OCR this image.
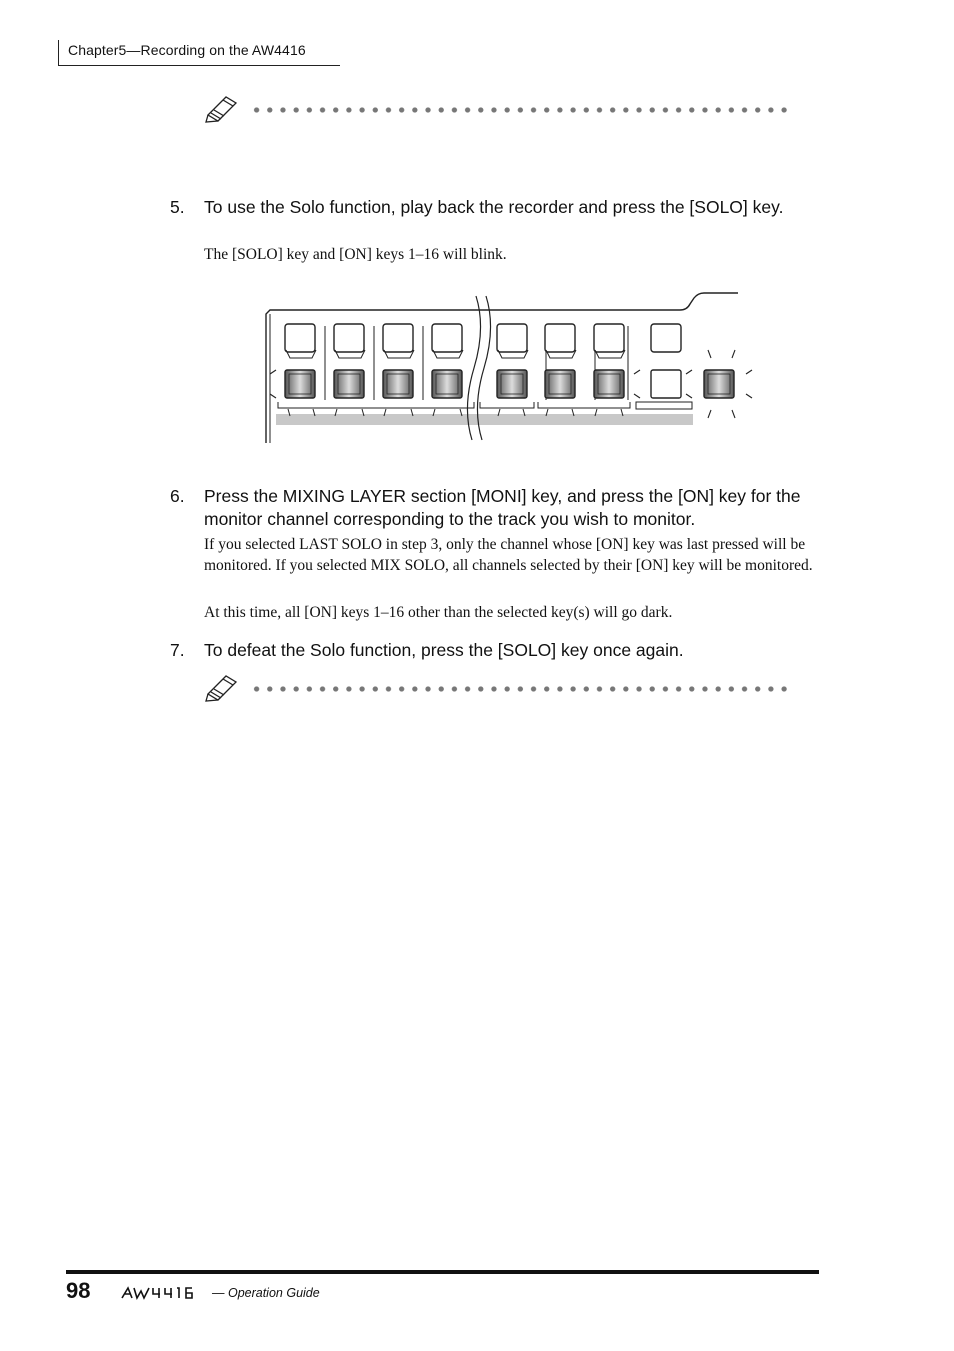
Chapter5—Recording on the AW4416
5. To use the Solo function, play back the recorder and press the [SOLO] key.
The [SOLO] key and [ON] keys 1–16 will blink.
6. Press the MIXING LAYER section [MONI] key, and press the [ON] key for the monitor channel corresponding to the track you wish to monitor.
If you selected LAST SOLO in step 3, only the channel whose [ON] key was last pressed will be monitored. If you selected MIX SOLO, all channels selected by their [ON] key will be monitored.
At this time, all [ON] keys 1–16 other than the selected key(s) will go dark.
7. To defeat the Solo function, press the [SOLO] key once again.
98	— Operation Guide
